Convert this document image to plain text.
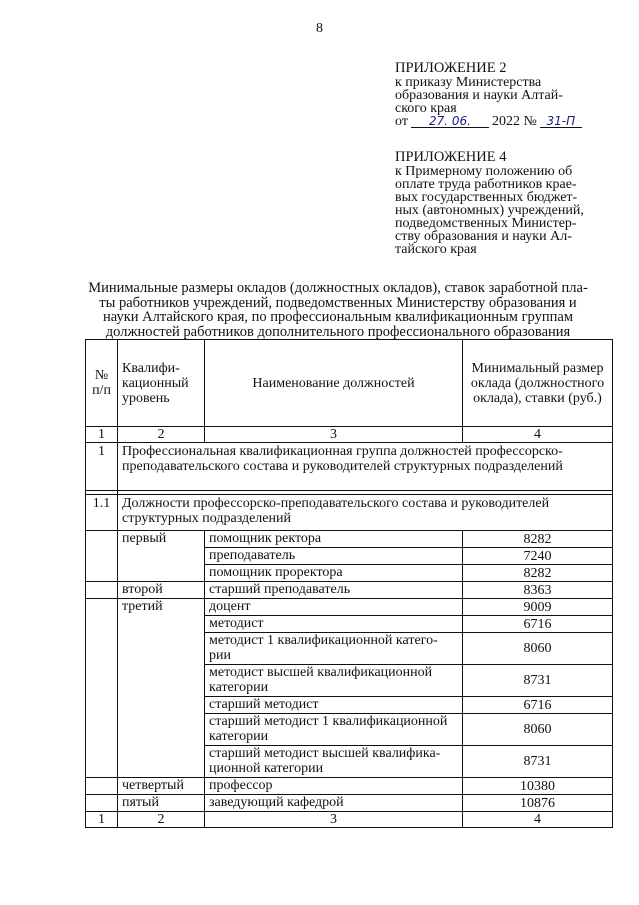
8
ПРИЛОЖЕНИЕ 2
к приказу Министерства
образования и науки Алтай-
ского края
от	27. 06.	2022 № 31-П
ПРИЛОЖЕНИЕ 4
к Примерному положению об
оплате труда работников крае-
вых государственных бюджет-
ных (автономных) учреждений,
подведомственных Министер-
ству образования и науки Ал-
тайского края
Минимальные размеры окладов (должностных окладов), ставок заработной пла-
ты работников учреждений, подведомственных Министерству образования и
науки Алтайского края, по профессиональным квалификационным группам
должностей работников дополнительного профессионального образования
№ п/п	Квалифи-кационный уровень	Наименование должностей	Минимальный размер оклада (должностного оклада), ставки (руб.)
1	2	3	4
1	Профессиональная квалификационная группа должностей профессорско-преподавательского состава и руководителей структурных подразделений		

1.1	Должности профессорско-преподавательского состава и руководителей структурных подразделений		
	первый	помощник ректора	8282
		преподаватель	7240
		помощник проректора	8282
	второй	старший преподаватель	8363
	третий	доцент	9009
		методист	6716
		методист 1 квалификационной катего-рии	8060
		методист высшей квалификационной категории	8731
		старший методист	6716
		старший методист 1 квалификационной категории	8060
		старший методист высшей квалифика-ционной категории	8731
	четвертый	профессор	10380
	пятый	заведующий кафедрой	10876
1	2	3	4
